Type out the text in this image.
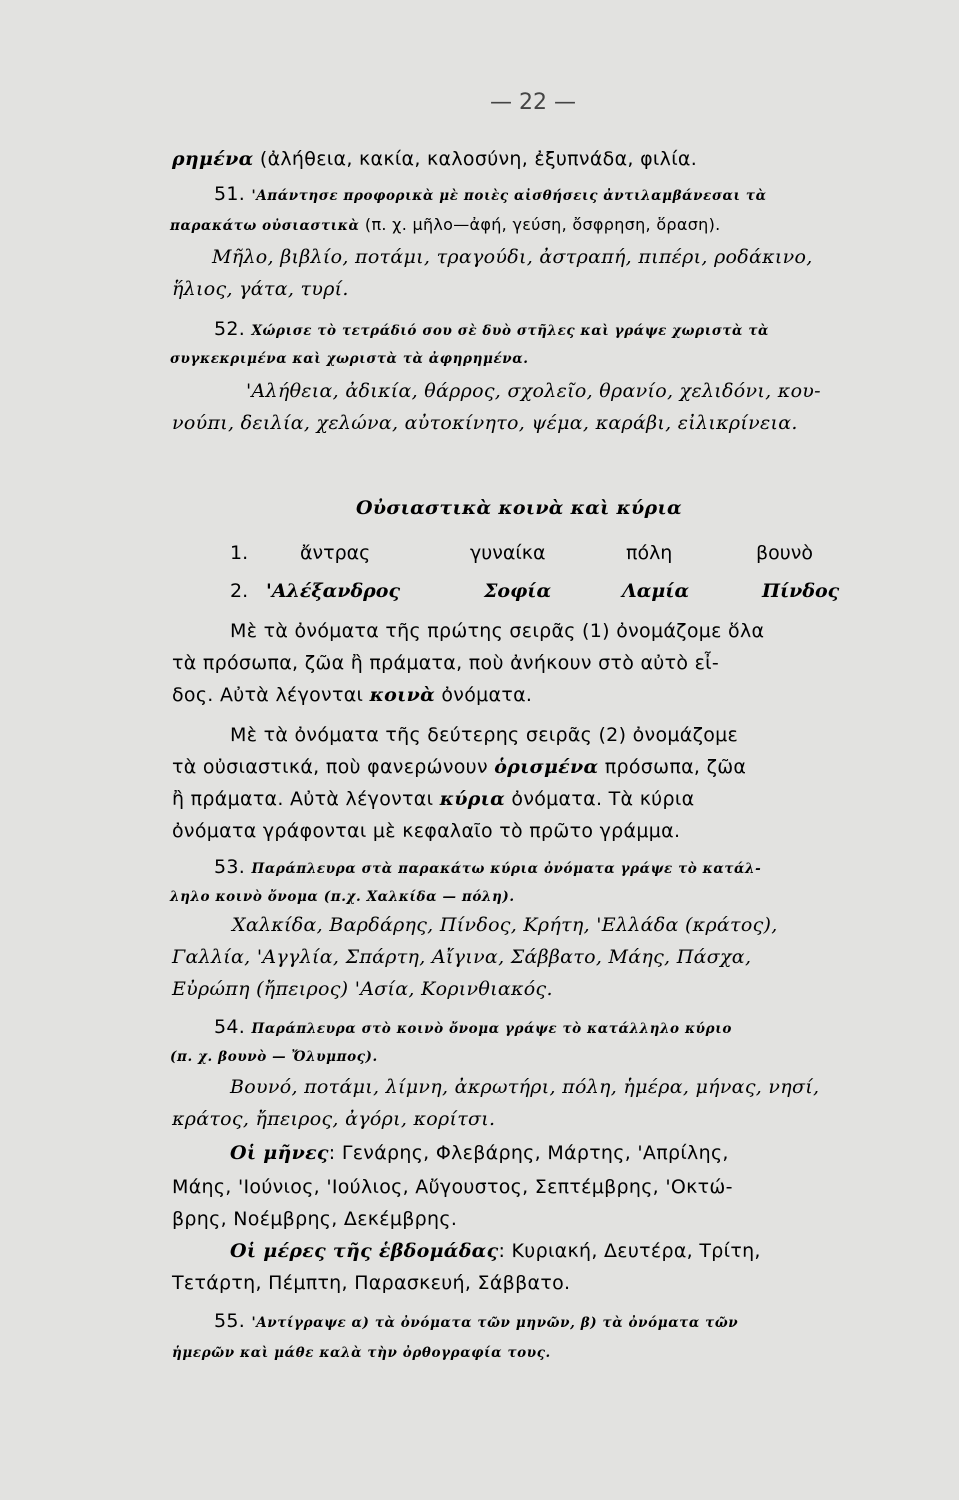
— 22 —
ρημένα (ἀλήθεια, κακία, καλοσύνη, ἐξυπνάδα, φιλία.
51. 'Απάντησε προφορικὰ μὲ ποιὲς αἰσθήσεις ἀντιλαμβάνεσαι τὰ
παρακάτω οὐσιαστικὰ (π. χ. μῆλο—ἀφή, γεύση, ὄσφρηση, ὅραση).
Μῆλο, βιβλίο, ποτάμι, τραγούδι, ἀστραπή, πιπέρι, ροδάκινο,
ἥλιος, γάτα, τυρί.
52. Χώρισε τὸ τετράδιό σου σὲ δυὸ στῆλες καὶ γράψε χωριστὰ τὰ
συγκεκριμένα καὶ χωριστὰ τὰ ἀφηρημένα.
'Αλήθεια, ἀδικία, θάρρος, σχολεῖο, θρανίο, χελιδόνι, κου-
νούπι, δειλία, χελώνα, αὐτοκίνητο, ψέμα, καράβι, εἰλικρίνεια.
Οὐσιαστικὰ κοινὰ καὶ κύρια
1.	ἄντρας	γυναίκα	πόλη	βουνὸ
2. 'Αλέξανδρος	Σοφία	Λαμία	Πίνδος
Μὲ τὰ ὀνόματα τῆς πρώτης σειρᾶς (1) ὀνομάζομε ὅλα
τὰ πρόσωπα, ζῶα ἢ πράματα, ποὺ ἀνήκουν στὸ αὐτὸ εἶ-
δος. Αὐτὰ λέγονται κοινὰ ὀνόματα.
Μὲ τὰ ὀνόματα τῆς δεύτερης σειρᾶς (2) ὀνομάζομε
τὰ οὐσιαστικά, ποὺ φανερώνουν ὁρισμένα πρόσωπα, ζῶα
ἢ πράματα. Αὐτὰ λέγονται κύρια ὀνόματα. Τὰ κύρια
ὀνόματα γράφονται μὲ κεφαλαῖο τὸ πρῶτο γράμμα.
53. Παράπλευρα στὰ παρακάτω κύρια ὀνόματα γράψε τὸ κατάλ-
ληλο κοινὸ ὄνομα (π.χ. Χαλκίδα — πόλη).
Χαλκίδα, Βαρδάρης, Πίνδος, Κρήτη, 'Ελλάδα (κράτος),
Γαλλία, 'Αγγλία, Σπάρτη, Αἴγινα, Σάββατο, Μάης, Πάσχα,
Εὐρώπη (ἤπειρος) 'Ασία, Κορινθιακός.
54. Παράπλευρα στὸ κοινὸ ὄνομα γράψε τὸ κατάλληλο κύριο
(π. χ. βουνὸ — Ὄλυμπος).
Βουνό, ποτάμι, λίμνη, ἀκρωτήρι, πόλη, ἡμέρα, μήνας, νησί,
κράτος, ἤπειρος, ἀγόρι, κορίτσι.
Οἱ μῆνες: Γενάρης, Φλεβάρης, Μάρτης, 'Απρίλης,
Μάης, 'Ιούνιος, 'Ιούλιος, Αὔγουστος, Σεπτέμβρης, 'Οκτώ-
βρης, Νοέμβρης, Δεκέμβρης.
Οἱ μέρες τῆς ἑβδομάδας: Κυριακή, Δευτέρα, Τρίτη,
Τετάρτη, Πέμπτη, Παρασκευή, Σάββατο.
55. 'Αντίγραψε α) τὰ ὀνόματα τῶν μηνῶν, β) τὰ ὀνόματα τῶν
ἡμερῶν καὶ μάθε καλὰ τὴν ὀρθογραφία τους.
